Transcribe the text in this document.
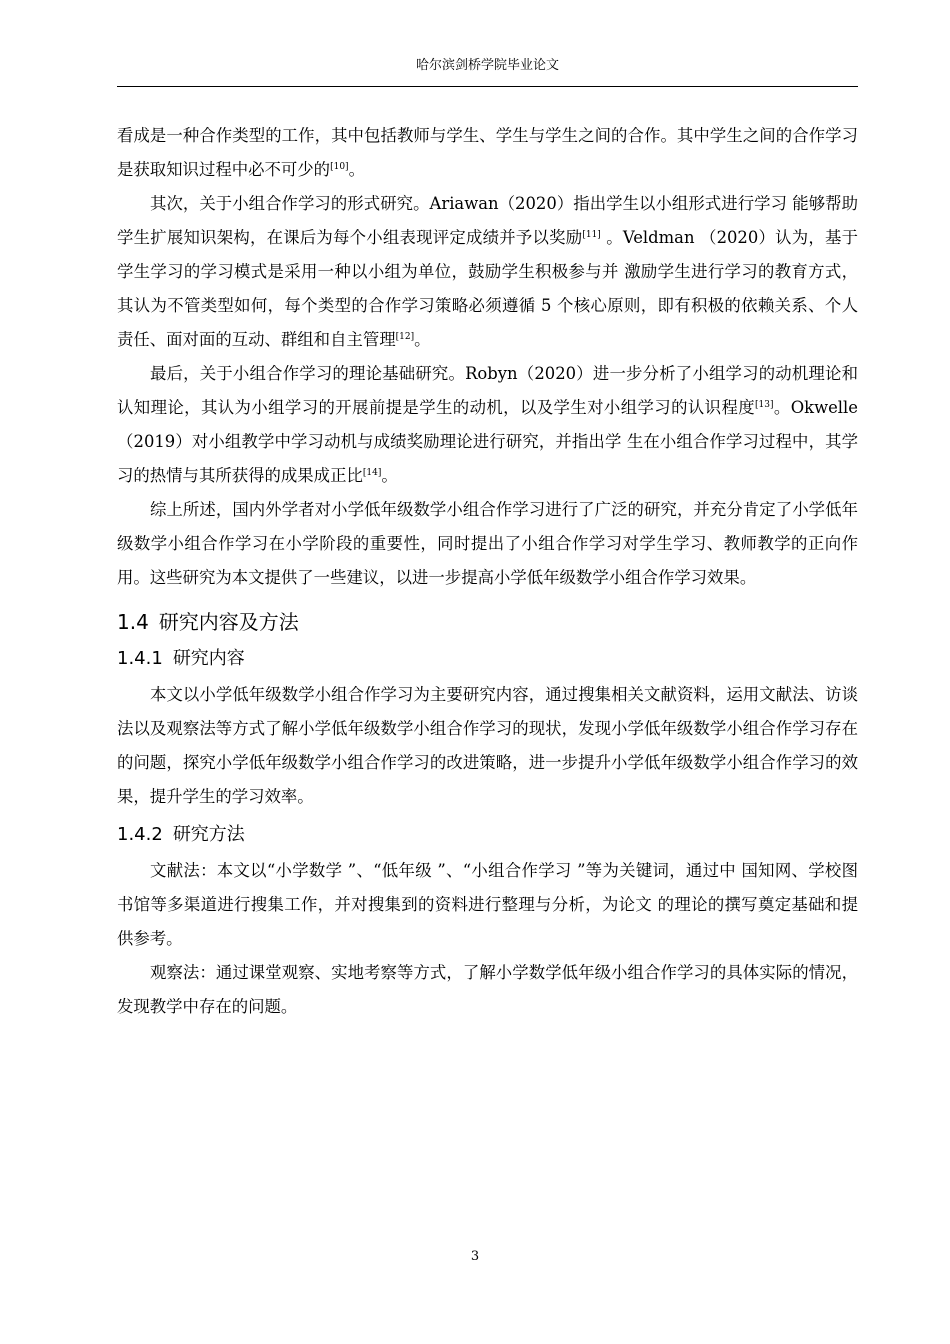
哈尔滨剑桥学院毕业论文

看成是一种合作类型的工作，其中包括教师与学生、学生与学生之间的合作。其中学生之间的合作学习是获取知识过程中必不可少的[10]。

其次，关于小组合作学习的形式研究。Ariawan（2020）指出学生以小组形式进行学习 能够帮助学生扩展知识架构，在课后为每个小组表现评定成绩并予以奖励[11] 。Veldman （2020）认为，基于学生学习的学习模式是采用一种以小组为单位，鼓励学生积极参与并 激励学生进行学习的教育方式，其认为不管类型如何，每个类型的合作学习策略必须遵循 5 个核心原则，即有积极的依赖关系、个人责任、面对面的互动、群组和自主管理[12]。

最后，关于小组合作学习的理论基础研究。Robyn（2020）进一步分析了小组学习的动机理论和认知理论，其认为小组学习的开展前提是学生的动机，以及学生对小组学习的认识程度[13]。Okwelle（2019）对小组教学中学习动机与成绩奖励理论进行研究，并指出学 生在小组合作学习过程中，其学习的热情与其所获得的成果成正比[14]。

综上所述，国内外学者对小学低年级数学小组合作学习进行了广泛的研究，并充分肯定了小学低年级数学小组合作学习在小学阶段的重要性，同时提出了小组合作学习对学生学习、教师教学的正向作用。这些研究为本文提供了一些建议，以进一步提高小学低年级数学小组合作学习效果。

1.4 研究内容及方法
1.4.1 研究内容

本文以小学低年级数学小组合作学习为主要研究内容，通过搜集相关文献资料，运用文献法、访谈法以及观察法等方式了解小学低年级数学小组合作学习的现状，发现小学低年级数学小组合作学习存在的问题，探究小学低年级数学小组合作学习的改进策略，进一步提升小学低年级数学小组合作学习的效果，提升学生的学习效率。

1.4.2 研究方法

文献法：本文以“小学数学 ”、“低年级 ”、“小组合作学习 ”等为关键词，通过中 国知网、学校图书馆等多渠道进行搜集工作，并对搜集到的资料进行整理与分析，为论文 的理论的撰写奠定基础和提供参考。

观察法：通过课堂观察、实地考察等方式，了解小学数学低年级小组合作学习的具体实际的情况，发现教学中存在的问题。

3
